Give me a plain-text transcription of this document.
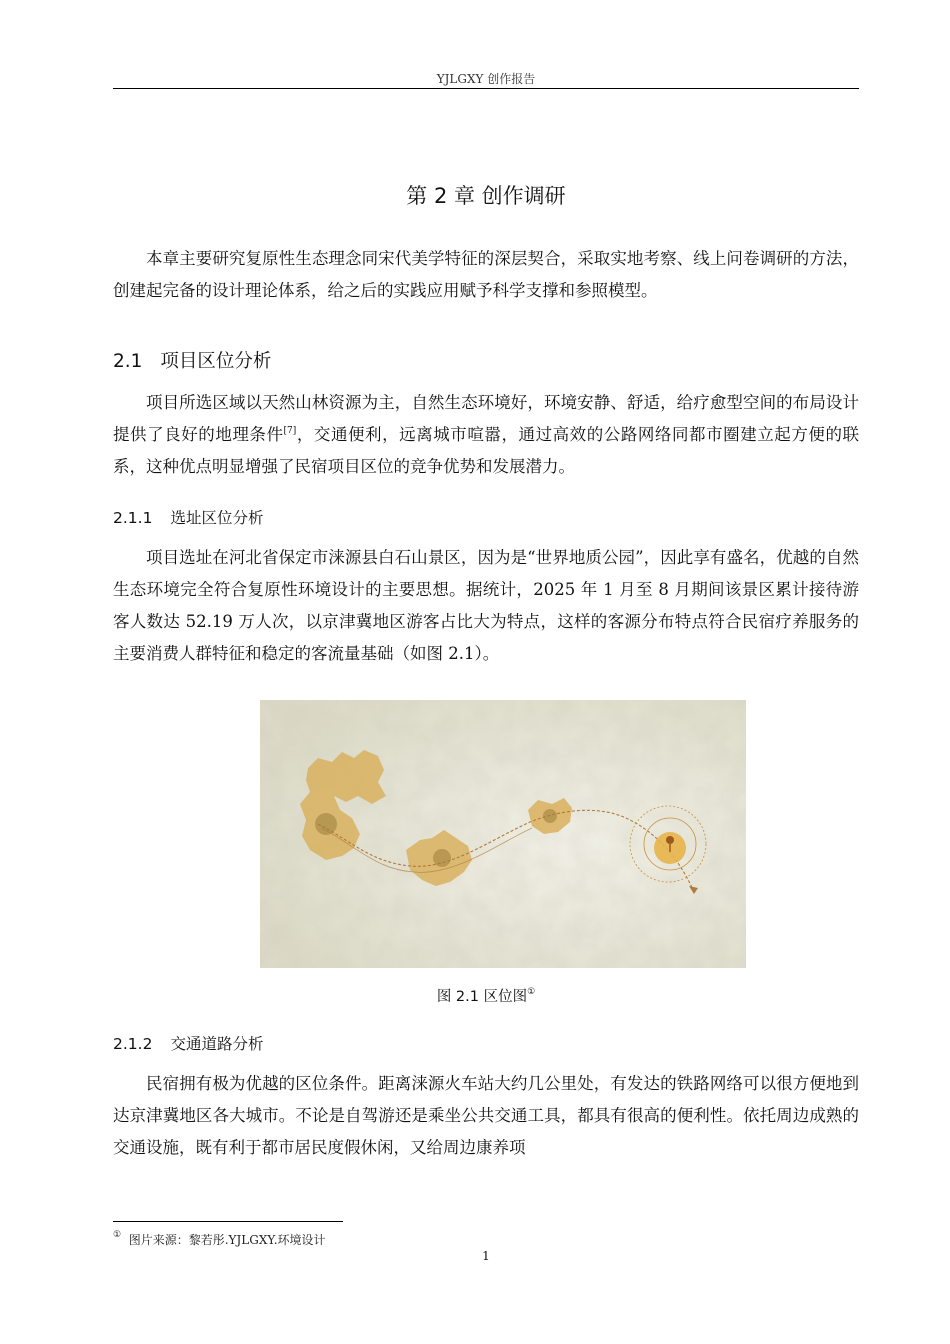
YJLGXY 创作报告
第 2 章 创作调研

本章主要研究复原性生态理念同宋代美学特征的深层契合，采取实地考察、线上问卷调研的方法，创建起完备的设计理论体系，给之后的实践应用赋予科学支撑和参照模型。

2.1 项目区位分析

项目所选区域以天然山林资源为主，自然生态环境好，环境安静、舒适，给疗愈型空间的布局设计提供了良好的地理条件[7]，交通便利，远离城市喧嚣，通过高效的公路网络同都市圈建立起方便的联系，这种优点明显增强了民宿项目区位的竞争优势和发展潜力。

2.1.1 选址区位分析

项目选址在河北省保定市涞源县白石山景区，因为是“世界地质公园”，因此享有盛名，优越的自然生态环境完全符合复原性环境设计的主要思想。据统计，2025 年 1 月至 8 月期间该景区累计接待游客人数达 52.19 万人次，以京津冀地区游客占比大为特点，这样的客源分布特点符合民宿疗养服务的主要消费人群特征和稳定的客流量基础（如图 2.1）。

图 2.1 区位图①
2.1.2 交通道路分析

民宿拥有极为优越的区位条件。距离涞源火车站大约几公里处，有发达的铁路网络可以很方便地到达京津冀地区各大城市。不论是自驾游还是乘坐公共交通工具，都具有很高的便利性。依托周边成熟的交通设施，既有利于都市居民度假休闲，又给周边康养项

① 图片来源：黎若彤.YJLGXY.环境设计
1
